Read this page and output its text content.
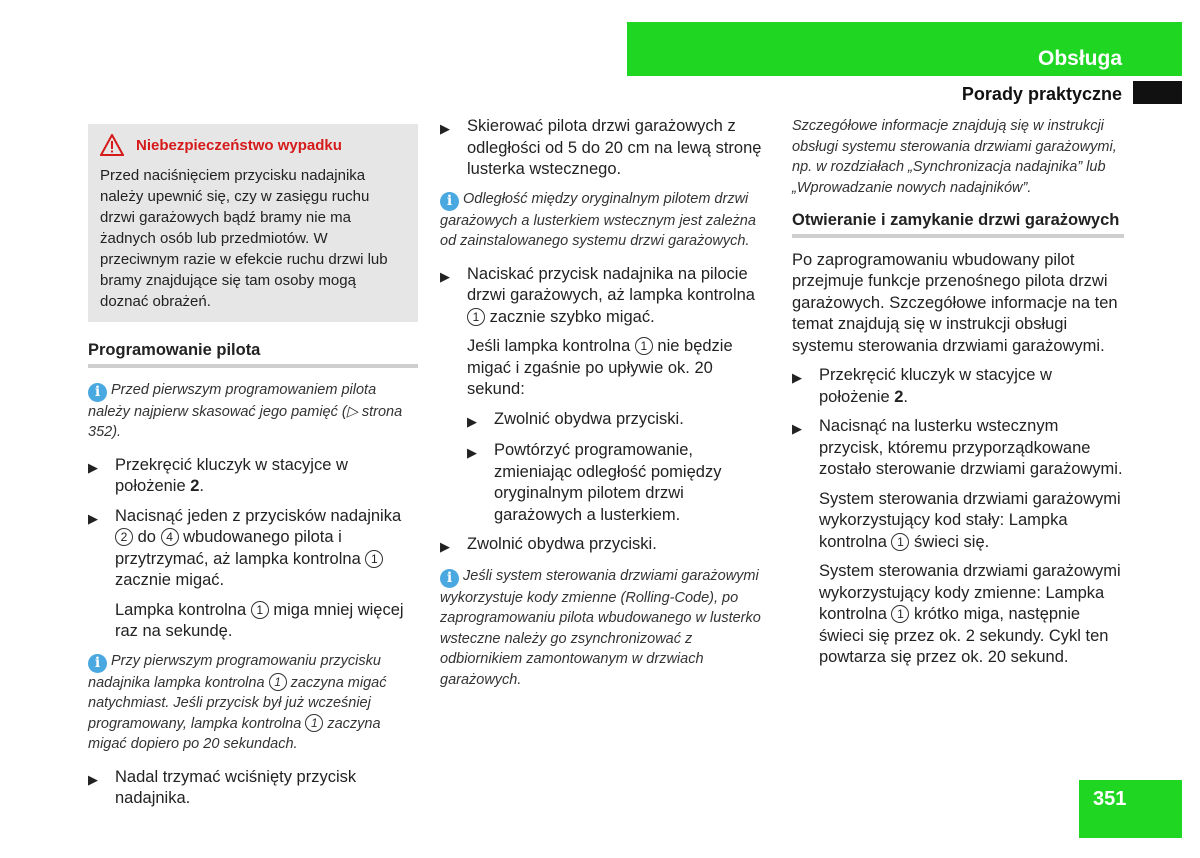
Obsługa
Porady praktyczne
Niebezpieczeństwo wypadku
Przed naciśnięciem przycisku nadajnika należy upewnić się, czy w zasięgu ruchu drzwi garażowych bądź bramy nie ma żadnych osób lub przedmiotów. W przeciwnym razie w efekcie ruchu drzwi lub bramy znajdujące się tam osoby mogą doznać obrażeń.
Programowanie pilota
i Przed pierwszym programowaniem pilota należy najpierw skasować jego pamięć (▷ strona 352).
▶	Przekręcić kluczyk w stacyjce w położenie 2.
▶	Nacisnąć jeden z przycisków nadajnika 2 do 4 wbudowanego pilota i przytrzymać, aż lampka kontrolna 1 zacznie migać.
Lampka kontrolna 1 miga mniej więcej raz na sekundę.
i Przy pierwszym programowaniu przycisku nadajnika lampka kontrolna 1 zaczyna migać natychmiast. Jeśli przycisk był już wcześniej programowany, lampka kontrolna 1 zaczyna migać dopiero po 20 sekundach.
▶	Nadal trzymać wciśnięty przycisk nadajnika.
▶	Skierować pilota drzwi garażowych z odległości od 5 do 20 cm na lewą stronę lusterka wstecznego.
i Odległość między oryginalnym pilotem drzwi garażowych a lusterkiem wstecznym jest zależna od zainstalowanego systemu drzwi garażowych.
▶	Naciskać przycisk nadajnika na pilocie drzwi garażowych, aż lampka kontrolna 1 zacznie szybko migać.
Jeśli lampka kontrolna 1 nie będzie migać i zgaśnie po upływie ok. 20 sekund:
▶	Zwolnić obydwa przyciski.
▶	Powtórzyć programowanie, zmieniając odległość pomiędzy oryginalnym pilotem drzwi garażowych a lusterkiem.
▶	Zwolnić obydwa przyciski.
i Jeśli system sterowania drzwiami garażowymi wykorzystuje kody zmienne (Rolling-Code), po zaprogramowaniu pilota wbudowanego w lusterko wsteczne należy go zsynchronizować z odbiornikiem zamontowanym w drzwiach garażowych.
Szczegółowe informacje znajdują się w instrukcji obsługi systemu sterowania drzwiami garażowymi, np. w rozdziałach „Synchronizacja nadajnika” lub „Wprowadzanie nowych nadajników”.
Otwieranie i zamykanie drzwi garażowych
Po zaprogramowaniu wbudowany pilot przejmuje funkcje przenośnego pilota drzwi garażowych. Szczegółowe informacje na ten temat znajdują się w instrukcji obsługi systemu sterowania drzwiami garażowymi.
▶	Przekręcić kluczyk w stacyjce w położenie 2.
▶	Nacisnąć na lusterku wstecznym przycisk, któremu przyporządkowane zostało sterowanie drzwiami garażowymi.
System sterowania drzwiami garażowymi wykorzystujący kod stały: Lampka kontrolna 1 świeci się.
System sterowania drzwiami garażowymi wykorzystujący kody zmienne: Lampka kontrolna 1 krótko miga, następnie świeci się przez ok. 2 sekundy. Cykl ten powtarza się przez ok. 20 sekund.
351
